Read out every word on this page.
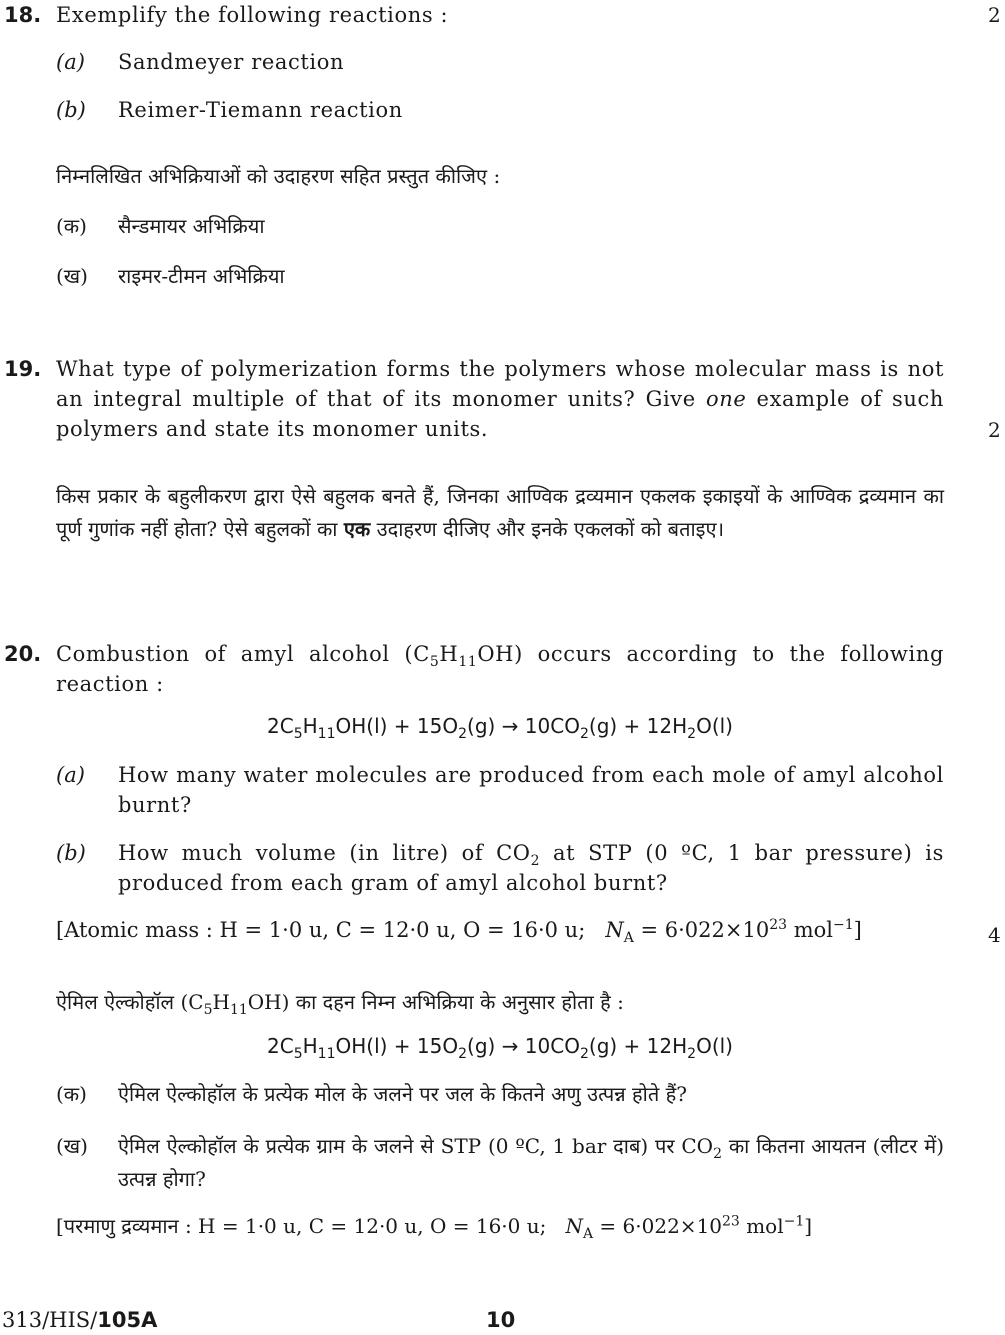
18. Exemplify the following reactions :	2
(a) Sandmeyer reaction
(b) Reimer-Tiemann reaction
निम्नलिखित अभिक्रियाओं को उदाहरण सहित प्रस्तुत कीजिए :
(क) सैन्डमायर अभिक्रिया
(ख) राइमर-टीमन अभिक्रिया
19. What type of polymerization forms the polymers whose molecular mass is not an integral multiple of that of its monomer units? Give one example of such polymers and state its monomer units.	2
किस प्रकार के बहुलीकरण द्वारा ऐसे बहुलक बनते हैं, जिनका आण्विक द्रव्यमान एकलक इकाइयों के आण्विक द्रव्यमान का पूर्ण गुणांक नहीं होता? ऐसे बहुलकों का एक उदाहरण दीजिए और इनके एकलकों को बताइए।
20. Combustion of amyl alcohol $(C_5H_{11}OH)$ occurs according to the following reaction :
$2C_5H_{11}OH(l) + 15O_2(g) \to 10CO_2(g) + 12H_2O(l)$
(a) How many water molecules are produced from each mole of amyl alcohol burnt?
(b) How much volume (in litre) of $CO_2$ at STP (0 ºC, 1 bar pressure) is produced from each gram of amyl alcohol burnt?
[Atomic mass : H = 1·0 u, C = 12·0 u, O = 16·0 u; $N_A = 6\cdot 022\times 10^{23}$ mol$^{-1}$]	4
ऐमिल ऐल्कोहॉल $(C_5H_{11}OH)$ का दहन निम्न अभिक्रिया के अनुसार होता है :
$2C_5H_{11}OH(l) + 15O_2(g) \to 10CO_2(g) + 12H_2O(l)$
(क) ऐमिल ऐल्कोहॉल के प्रत्येक मोल के जलने पर जल के कितने अणु उत्पन्न होते हैं?
(ख) ऐमिल ऐल्कोहॉल के प्रत्येक ग्राम के जलने से STP (0 ºC, 1 bar दाब) पर $CO_2$ का कितना आयतन (लीटर में) उत्पन्न होगा?
[परमाणु द्रव्यमान : H = 1·0 u, C = 12·0 u, O = 16·0 u; $N_A = 6\cdot 022\times 10^{23}$ mol$^{-1}$]
313/HIS/105A	10
